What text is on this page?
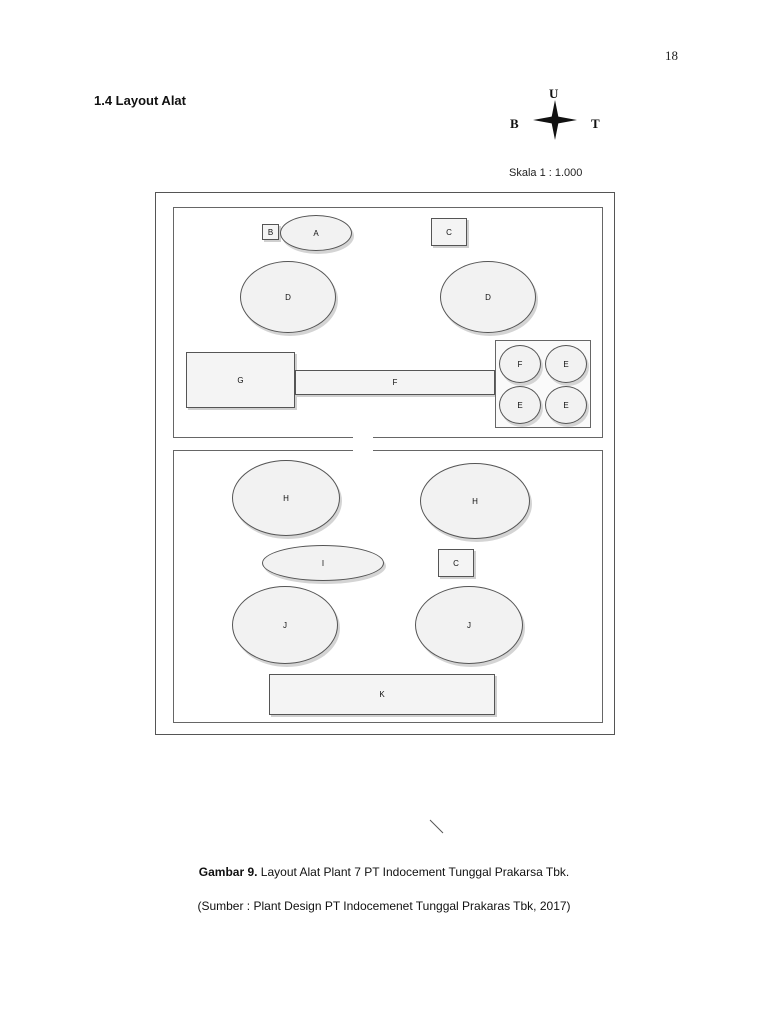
18
1.4 Layout Alat	U
B	T
Skala 1 : 1.000
B	A	C
D	D
G	F
F	E
E	E
H	H
I	C
J	J
K
Gambar 9. Layout Alat Plant 7 PT Indocement Tunggal Prakarsa Tbk.
(Sumber : Plant Design PT Indocemenet Tunggal Prakaras Tbk, 2017)
